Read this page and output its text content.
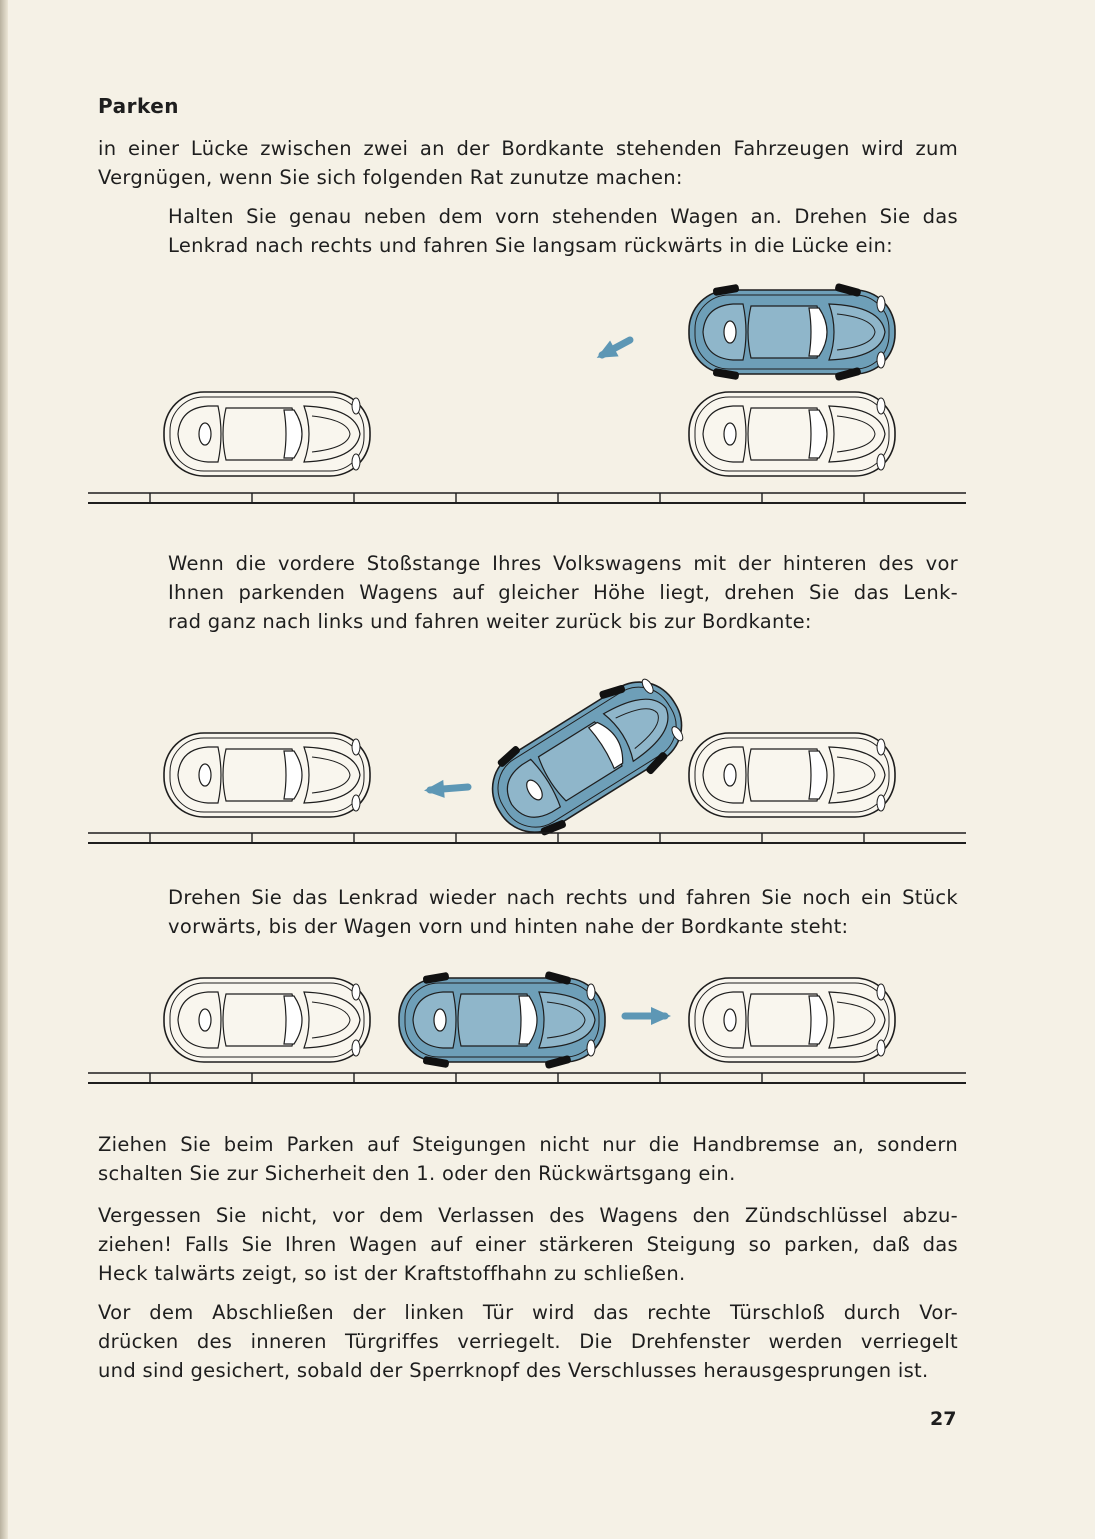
Parken

in einer Lücke zwischen zwei an der Bordkante stehenden Fahrzeugen wird zum
Vergnügen, wenn Sie sich folgenden Rat zunutze machen:

Halten Sie genau neben dem vorn stehenden Wagen an. Drehen Sie das
Lenkrad nach rechts und fahren Sie langsam rückwärts in die Lücke ein:

Wenn die vordere Stoßstange Ihres Volkswagens mit der hinteren des vor
Ihnen parkenden Wagens auf gleicher Höhe liegt, drehen Sie das Lenk-
rad ganz nach links und fahren weiter zurück bis zur Bordkante:

Drehen Sie das Lenkrad wieder nach rechts und fahren Sie noch ein Stück
vorwärts, bis der Wagen vorn und hinten nahe der Bordkante steht:

Ziehen Sie beim Parken auf Steigungen nicht nur die Handbremse an, sondern
schalten Sie zur Sicherheit den 1. oder den Rückwärtsgang ein.

Vergessen Sie nicht, vor dem Verlassen des Wagens den Zündschlüssel abzu-
ziehen! Falls Sie Ihren Wagen auf einer stärkeren Steigung so parken, daß das
Heck talwärts zeigt, so ist der Kraftstoffhahn zu schließen.

Vor dem Abschließen der linken Tür wird das rechte Türschloß durch Vor-
drücken des inneren Türgriffes verriegelt. Die Drehfenster werden verriegelt
und sind gesichert, sobald der Sperrknopf des Verschlusses herausgesprungen ist.

27
